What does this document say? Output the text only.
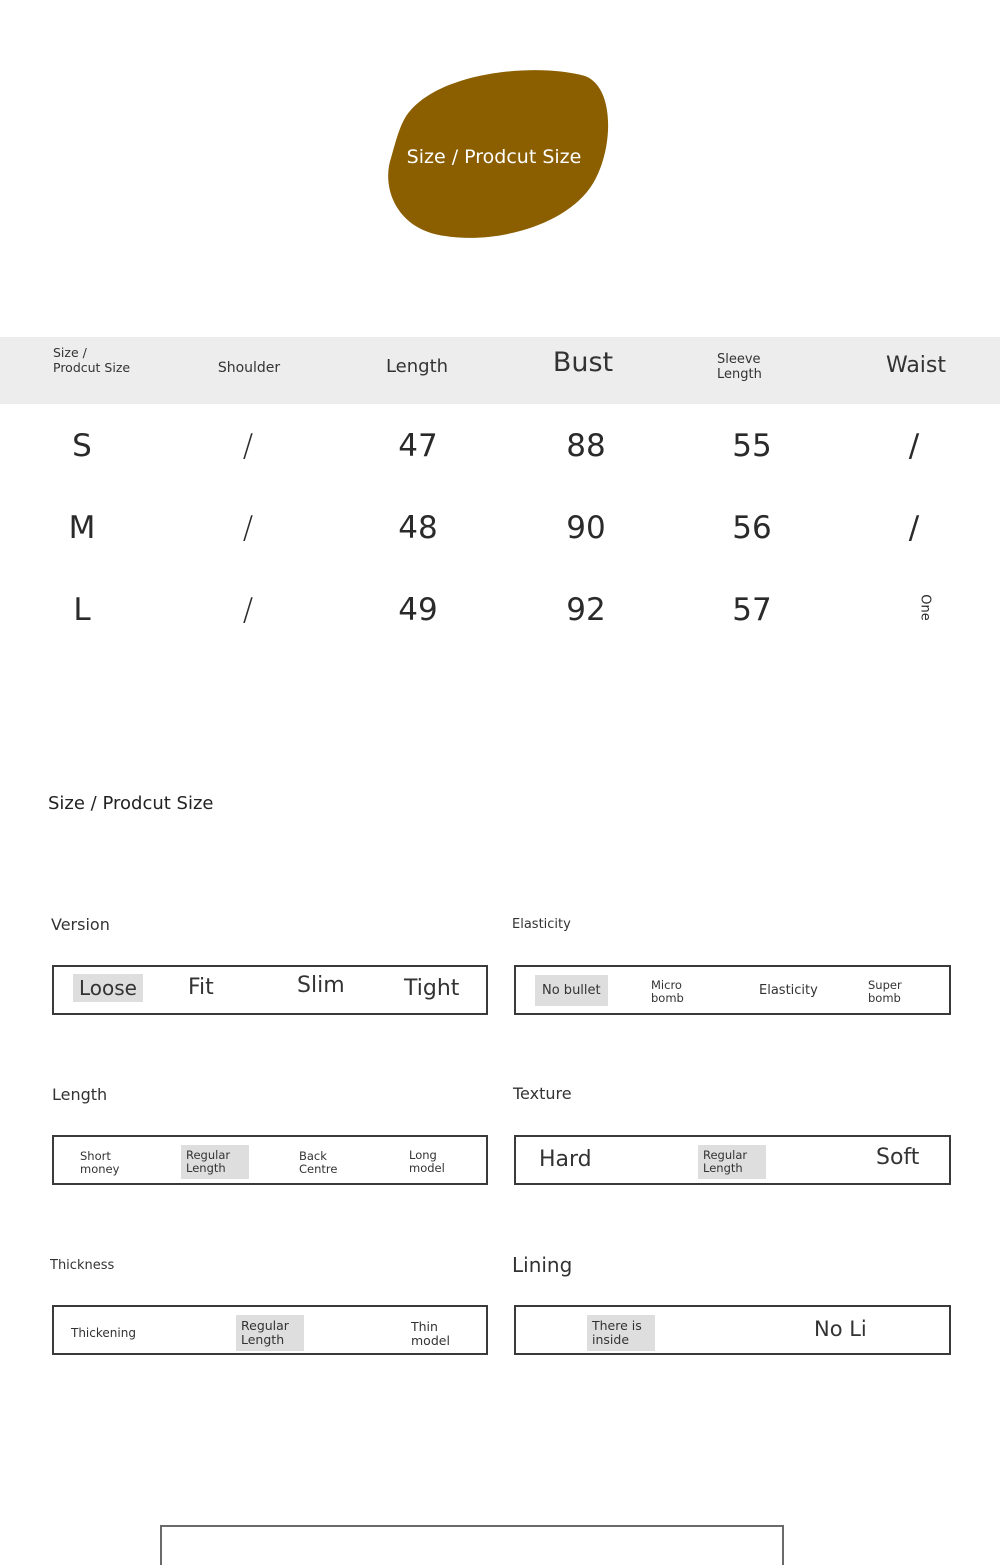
Size / Prodcut Size
Size / Prodcut Size	Shoulder	Length	Bust	Sleeve Length	Waist
S	/	47	88	55	/
M	/	48	90	56	/
L	/	49	92	57	One
Size / Prodcut Size
Version
Loose Fit	Slim	Tight
Elasticity
No bullet	Micro bomb	Elasticity	Super bomb
Length
Short money
Regular Length
Back Centre
Long model
Texture
Hard	Regular Length	Soft
Thickness
Thickening	Regular Length
Thin model
Lining
There is inside	No Li
